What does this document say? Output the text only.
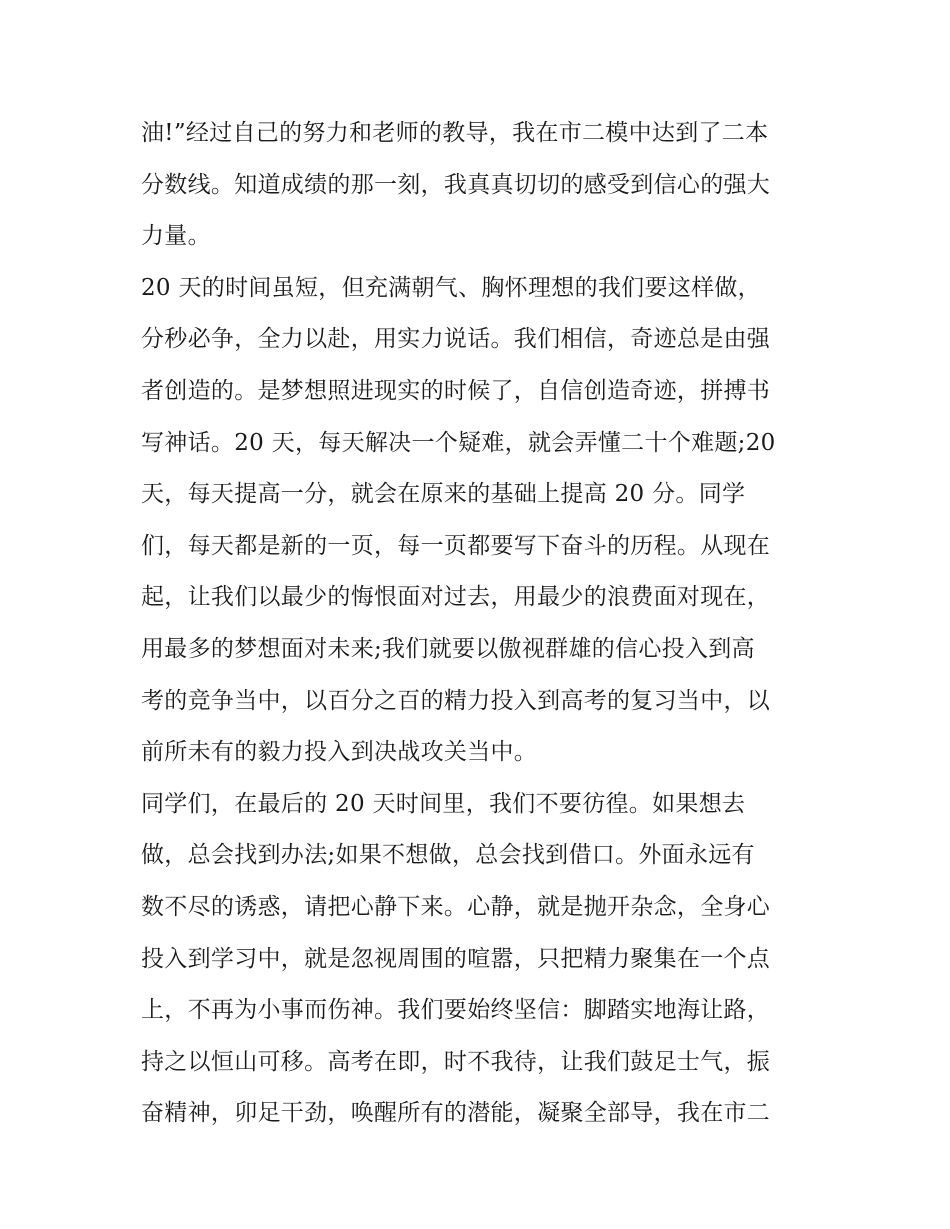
油!”经过自己的努力和老师的教导，我在市二模中达到了二本
分数线。知道成绩的那一刻，我真真切切的感受到信心的强大
力量。
20 天的时间虽短，但充满朝气、胸怀理想的我们要这样做，
分秒必争，全力以赴，用实力说话。我们相信，奇迹总是由强
者创造的。是梦想照进现实的时候了，自信创造奇迹，拼搏书
写神话。20 天，每天解决一个疑难，就会弄懂二十个难题;20
天，每天提高一分，就会在原来的基础上提高 20 分。同学
们，每天都是新的一页，每一页都要写下奋斗的历程。从现在
起，让我们以最少的悔恨面对过去，用最少的浪费面对现在，
用最多的梦想面对未来;我们就要以傲视群雄的信心投入到高
考的竞争当中，以百分之百的精力投入到高考的复习当中，以
前所未有的毅力投入到决战攻关当中。
同学们，在最后的 20 天时间里，我们不要彷徨。如果想去
做，总会找到办法;如果不想做，总会找到借口。外面永远有
数不尽的诱惑，请把心静下来。心静，就是抛开杂念，全身心
投入到学习中，就是忽视周围的喧嚣，只把精力聚集在一个点
上，不再为小事而伤神。我们要始终坚信：脚踏实地海让路，
持之以恒山可移。高考在即，时不我待，让我们鼓足士气，振
奋精神，卯足干劲，唤醒所有的潜能，凝聚全部导，我在市二
